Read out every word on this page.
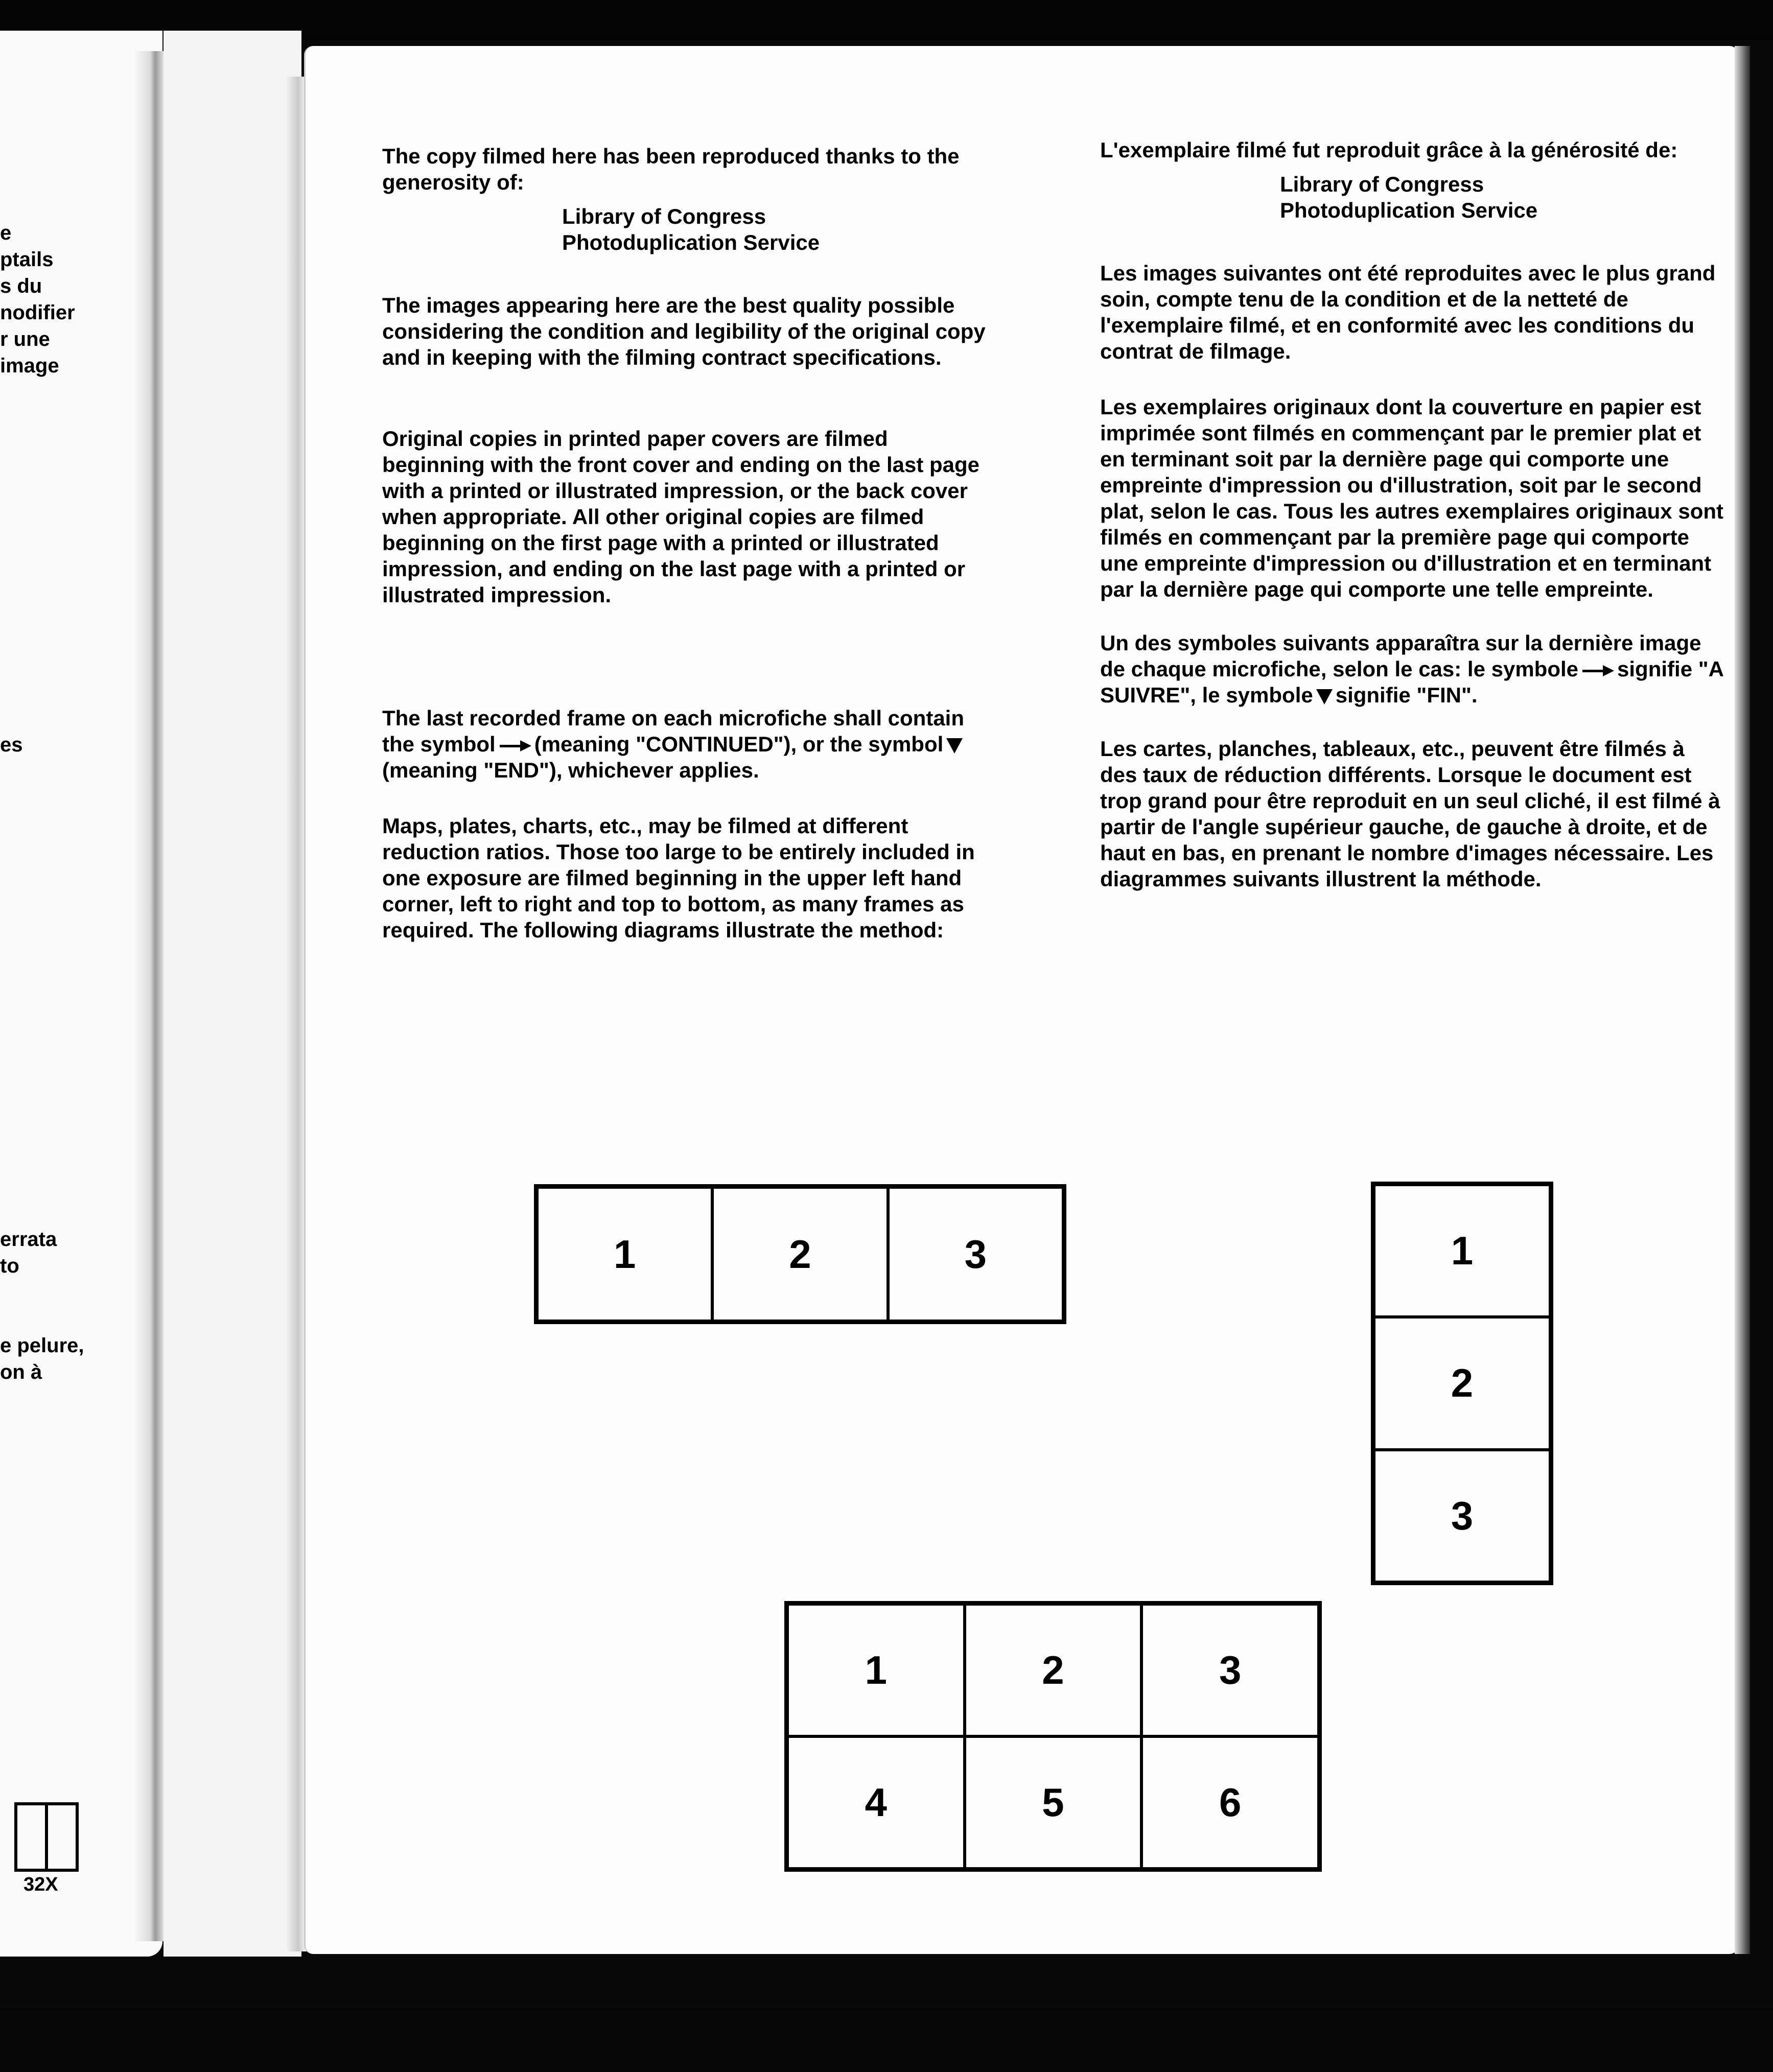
e
ptails
s du
nodifier
r une
image
es
errata
to
e pelure,
on à
32X

The copy filmed here has been reproduced thanks to the generosity of:

Library of Congress

Photoduplication Service

The images appearing here are the best quality possible considering the condition and legibility of the original copy and in keeping with the filming contract specifications.

Original copies in printed paper covers are filmed beginning with the front cover and ending on the last page with a printed or illustrated impression, or the back cover when appropriate. All other original copies are filmed beginning on the first page with a printed or illustrated impression, and ending on the last page with a printed or illustrated impression.

The last recorded frame on each microfiche shall contain the symbol (meaning "CONTINUED"), or the symbol(meaning "END"), whichever applies.

Maps, plates, charts, etc., may be filmed at different reduction ratios. Those too large to be entirely included in one exposure are filmed beginning in the upper left hand corner, left to right and top to bottom, as many frames as required. The following diagrams illustrate the method:

L'exemplaire filmé fut reproduit grâce à la générosité de:

Library of Congress

Photoduplication Service

Les images suivantes ont été reproduites avec le plus grand soin, compte tenu de la condition et de la netteté de l'exemplaire filmé, et en conformité avec les conditions du contrat de filmage.

Les exemplaires originaux dont la couverture en papier est imprimée sont filmés en commençant par le premier plat et en terminant soit par la dernière page qui comporte une empreinte d'impression ou d'illustration, soit par le second plat, selon le cas. Tous les autres exemplaires originaux sont filmés en commençant par la première page qui comporte une empreinte d'impression ou d'illustration et en terminant par la dernière page qui comporte une telle empreinte.

Un des symboles suivants apparaîtra sur la dernière image de chaque microfiche, selon le cas: le symbole signifie "A SUIVRE", le symbole signifie "FIN".

Les cartes, planches, tableaux, etc., peuvent être filmés à des taux de réduction différents. Lorsque le document est trop grand pour être reproduit en un seul cliché, il est filmé à partir de l'angle supérieur gauche, de gauche à droite, et de haut en bas, en prenant le nombre d'images nécessaire. Les diagrammes suivants illustrent la méthode.

1	2	3	1
2
3
1	2	3
4	5	6
